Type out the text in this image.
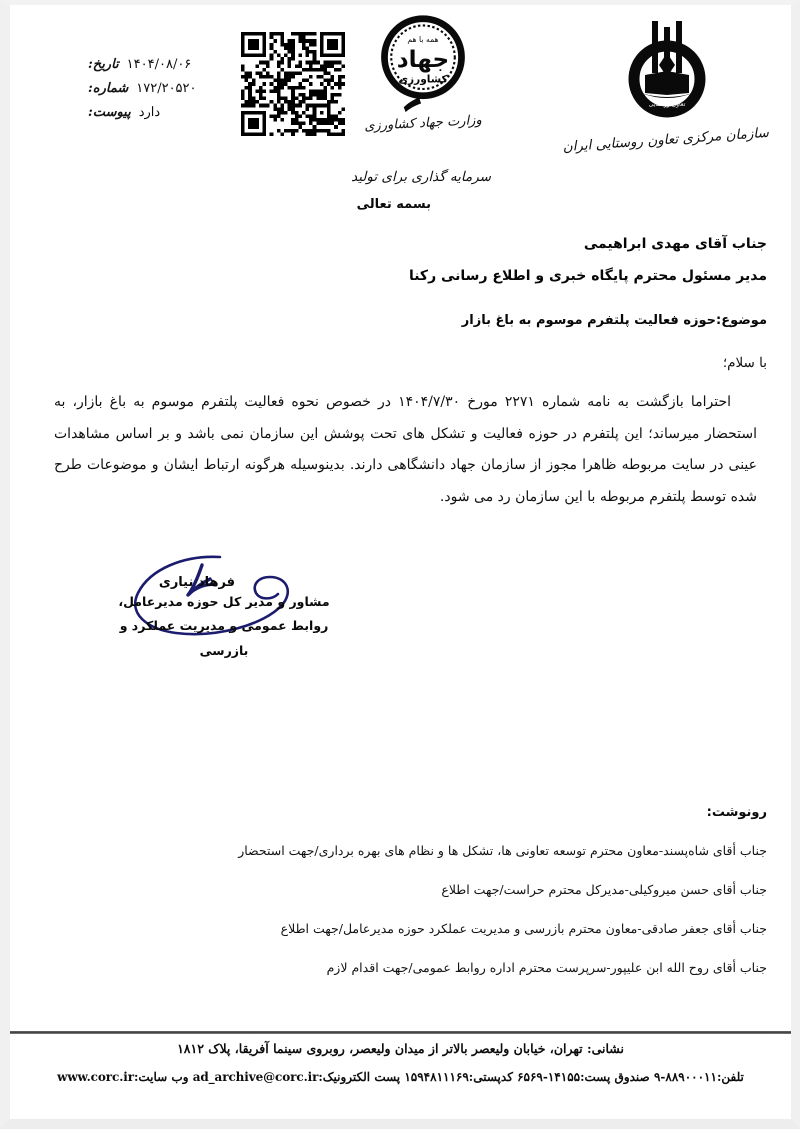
۱۴۰۴/۰۸/۰۶
تاریخ:
۱۷۲/۲۰۵۲۰
شماره:
دارد
پیوست:
همه با هم
جهاد
کشاورزی
وزارت جهاد کشاورزی
تعاون روستایی
سازمان مرکزی تعاون روستایی ایران
سرمایه گذاری برای تولید
بسمه تعالی
جناب آقای مهدی ابراهیمی
مدیر مسئول محترم پایگاه خبری و اطلاع رسانی رکنا
موضوع:حوزه فعالیت پلتفرم موسوم به باغ بازار
با سلام؛
احتراما بازگشت به نامه شماره ۲۲۷۱ مورخ ۱۴۰۴/۷/۳۰ در خصوص نحوه فعالیت پلتفرم موسوم به باغ بازار، به استحضار میرساند؛ این پلتفرم در حوزه فعالیت و تشکل های تحت پوشش این سازمان نمی باشد و بر اساس مشاهدات عینی در سایت مربوطه ظاهرا مجوز از سازمان جهاد دانشگاهی دارند. بدینوسیله هرگونه ارتباط ایشان و موضوعات طرح شده توسط پلتفرم مربوطه با این سازمان رد می شود.
فرهاد نیاری
مشاور و مدیر کل حوزه مدیرعامل،
روابط عمومی و مدیریت عملکرد و
بازرسی
رونوشت:
جناب أقای شاه‌پسند-معاون محترم توسعه تعاونی ها، تشکل ها و نظام های بهره برداری/جهت استحضار
جناب أقای حسن میروکیلی-مدیرکل محترم حراست/جهت اطلاع
جناب أقای جعفر صادقی-معاون محترم بازرسی و مدیریت عملکرد حوزه مدیرعامل/جهت اطلاع
جناب أقای روح الله ابن علیپور-سرپرست محترم اداره روابط عمومی/جهت اقدام لازم
نشانی: تهران، خیابان ولیعصر بالاتر از میدان ولیعصر، روبروی سینما آفریقا، پلاک ۱۸۱۲
تلفن:۸۸۹۰۰۰۱۱-۹ صندوق پست:۱۴۱۵۵-۶۵۶۹ کدپستی:۱۵۹۴۸۱۱۱۶۹ پست الکترونیک:ad_archive@corc.ir وب سایت:www.corc.ir
